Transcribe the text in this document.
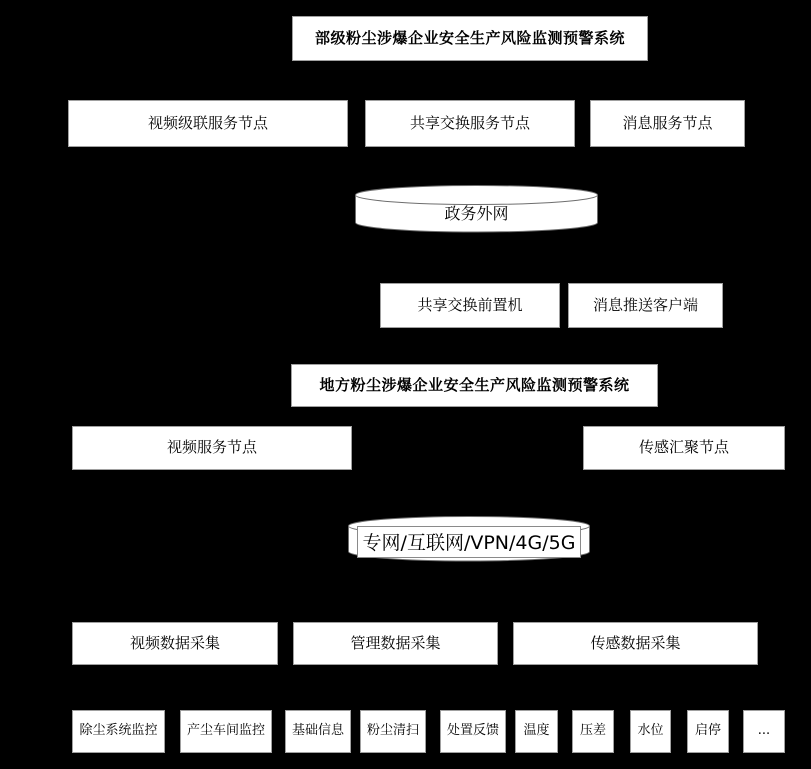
部级粉尘涉爆企业安全生产风险监测预警系统
视频级联服务节点	共享交换服务节点	消息服务节点
政务外网
共享交换前置机	消息推送客户端
地方粉尘涉爆企业安全生产风险监测预警系统
视频服务节点	传感汇聚节点
专网/互联网/VPN/4G/5G
视频数据采集	管理数据采集	传感数据采集
除尘系统监控	产尘车间监控	基础信息	粉尘清扫	处置反馈	温度	压差	水位	启停	...
